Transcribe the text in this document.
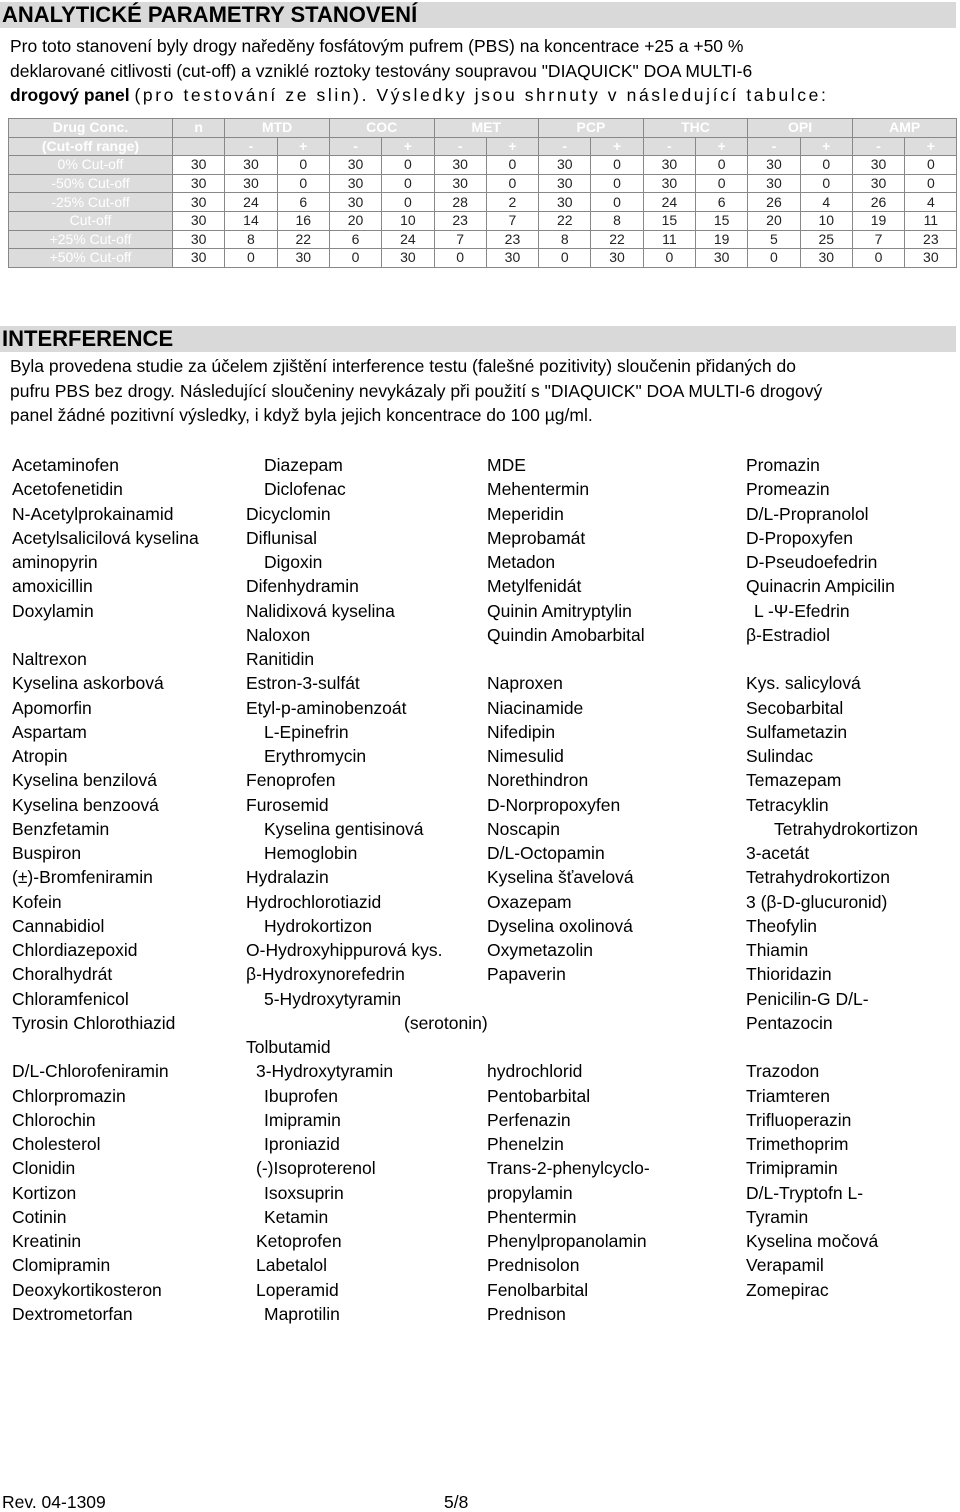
ANALYTICKÉ PARAMETRY STANOVENÍ
Pro toto stanovení byly drogy naředěny fosfátovým pufrem (PBS) na koncentrace +25 a +50 %
deklarované citlivosti (cut-off) a vzniklé roztoky testovány soupravou "DIAQUICK" DOA MULTI-6
drogový panel (pro testování ze slin). Výsledky jsou shrnuty v následující tabulce:
Drug Conc.	n	MTD		COC		MET		PCP		THC		OPI		AMP	
(Cut-off range)		-	+	-	+	-	+	-	+	-	+	-	+	-	+
0% Cut-off	30	30	0	30	0	30	0	30	0	30	0	30	0	30	0
-50% Cut-off	30	30	0	30	0	30	0	30	0	30	0	30	0	30	0
-25% Cut-off	30	24	6	30	0	28	2	30	0	24	6	26	4	26	4
Cut-off	30	14	16	20	10	23	7	22	8	15	15	20	10	19	11
+25% Cut-off	30	8	22	6	24	7	23	8	22	11	19	5	25	7	23
+50% Cut-off	30	0	30	0	30	0	30	0	30	0	30	0	30	0	30
INTERFERENCE
Byla provedena studie za účelem zjištění interference testu (falešné pozitivity) sloučenin přidaných do
pufru PBS bez drogy. Následující sloučeniny nevykázaly při použití s "DIAQUICK" DOA MULTI-6 drogový
panel žádné pozitivní výsledky, i když byla jejich koncentrace do 100 µg/ml.
Acetaminofen
Acetofenetidin
N-Acetylprokainamid
Acetylsalicilová kyselina
aminopyrin
amoxicillin
Doxylamin
Naltrexon
Kyselina askorbová
Apomorfin
Aspartam
Atropin
Kyselina benzilová
Kyselina benzoová
Benzfetamin
Buspiron
(±)-Bromfeniramin
Kofein
Cannabidiol
Chlordiazepoxid
Choralhydrát
Chloramfenicol
Tyrosin Chlorothiazid
D/L-Chlorofeniramin
Chlorpromazin
Chlorochin
Cholesterol
Clonidin
Kortizon
Cotinin
Kreatinin
Clomipramin
Deoxykortikosteron
Dextrometorfan
Diazepam
Diclofenac
Dicyclomin
Diflunisal
Digoxin
Difenhydramin
Nalidixová kyselina
Naloxon
Ranitidin
Estron-3-sulfát
Etyl-p-aminobenzoát
L-Epinefrin
Erythromycin
Fenoprofen
Furosemid
Kyselina gentisinová
Hemoglobin
Hydralazin
Hydrochlorotiazid
Hydrokortizon
O-Hydroxyhippurová kys.
β-Hydroxynorefedrin
5-Hydroxytyramin
Tolbutamid
3-Hydroxytyramin
Ibuprofen
Imipramin
Iproniazid
(-)Isoproterenol
Isoxsuprin
Ketamin
Ketoprofen
Labetalol
Loperamid
Maprotilin
MDE
Mehentermin
Meperidin
Meprobamát
Metadon
Metylfenidát
Quinin Amitryptylin
Quindin Amobarbital
Naproxen
Niacinamide
Nifedipin
Nimesulid
Norethindron
D-Norpropoxyfen
Noscapin
D/L-Octopamin
Kyselina šťavelová
Oxazepam
Dyselina oxolinová
Oxymetazolin
Papaverin
hydrochlorid
Pentobarbital
Perfenazin
Phenelzin
Trans-2-phenylcyclo-
propylamin
Phentermin
Phenylpropanolamin
Prednisolon
Fenolbarbital
Prednison
Promazin
Promeazin
D/L-Propranolol
D-Propoxyfen
D-Pseudoefedrin
Quinacrin Ampicilin
L -Ψ-Efedrin
β-Estradiol
Kys. salicylová
Secobarbital
Sulfametazin
Sulindac
Temazepam
Tetracyklin
Tetrahydrokortizon
3-acetát
Tetrahydrokortizon
3 (β-D-glucuronid)
Theofylin
Thiamin
Thioridazin
Penicilin-G D/L-
Pentazocin
Trazodon
Triamteren
Trifluoperazin
Trimethoprim
Trimipramin
D/L-Tryptofn L-
Tyramin
Kyselina močová
Verapamil
Zomepirac
(serotonin)
Rev. 04-1309	5/8
